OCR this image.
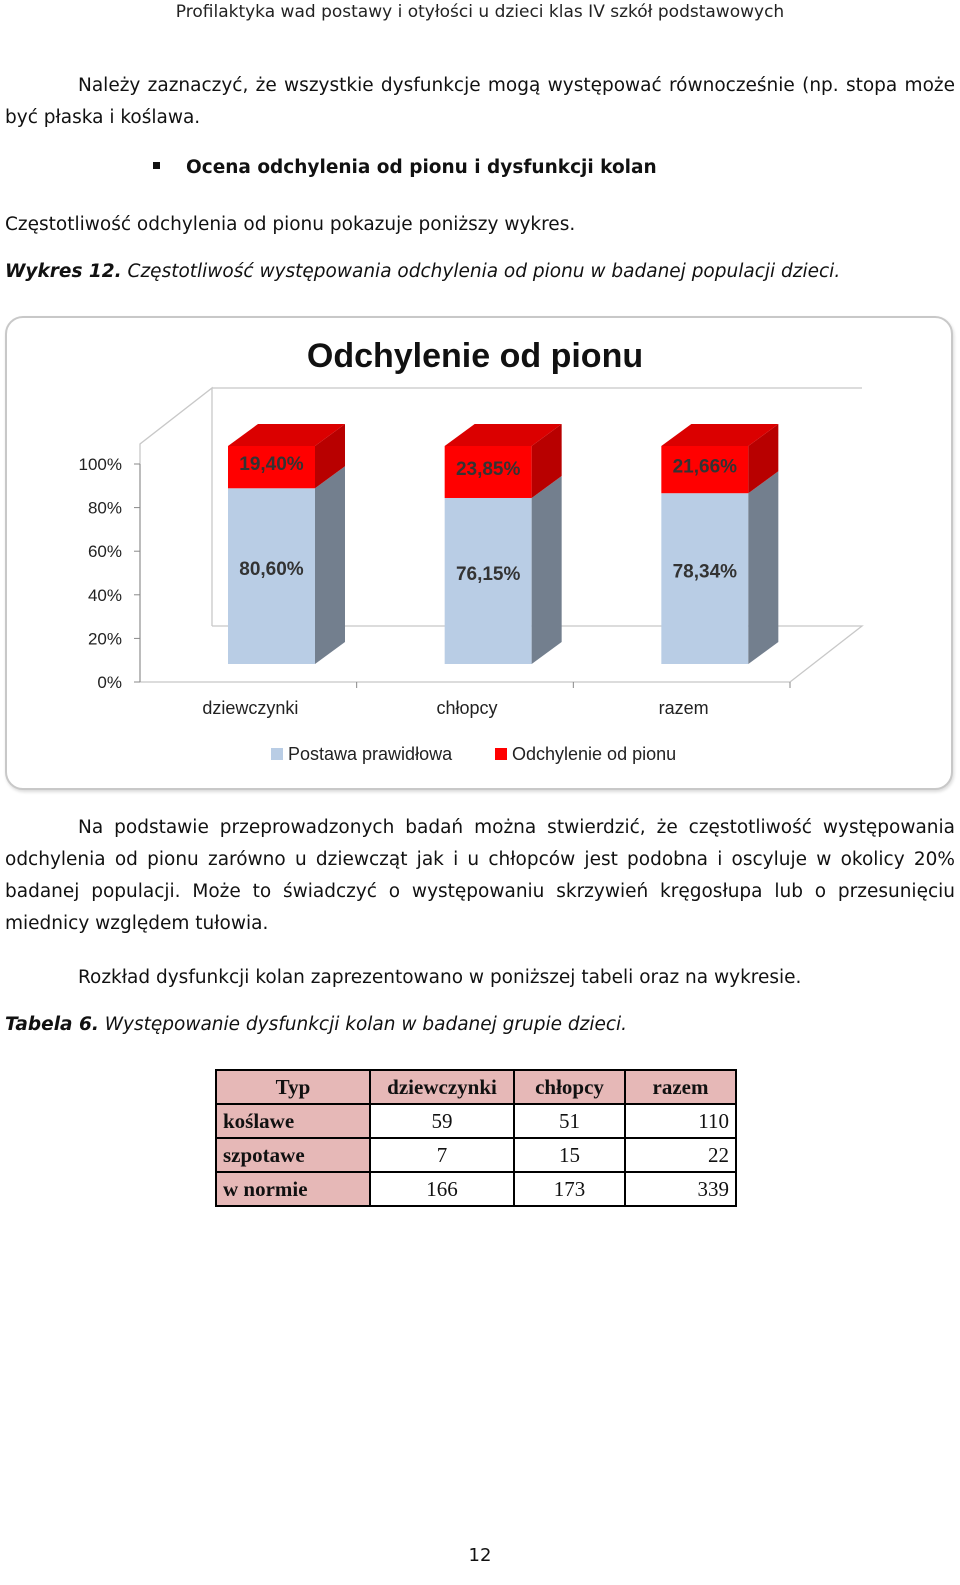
Profilaktyka wad postawy i otyłości u dzieci klas IV szkół podstawowych
Należy zaznaczyć, że wszystkie dysfunkcje mogą występować równocześnie (np. stopa może być płaska i koślawa.
Ocena odchylenia od pionu i dysfunkcji kolan
Częstotliwość odchylenia od pionu pokazuje poniższy wykres.
Wykres 12. Częstotliwość występowania odchylenia od pionu w badanej populacji dzieci.
Odchylenie od pionu
0%
20%
40%
60%
80%
100%
dziewczynki	chłopcy	razem
80,60%
19,40%
76,15%
23,85%
78,34%
21,66%
Postawa prawidłowa	Odchylenie od pionu
Na podstawie przeprowadzonych badań można stwierdzić, że częstotliwość występowania odchylenia od pionu zarówno u dziewcząt jak i u chłopców jest podobna i oscyluje w okolicy 20% badanej populacji. Może to świadczyć o występowaniu skrzywień kręgosłupa lub o przesunięciu miednicy względem tułowia.
Rozkład dysfunkcji kolan zaprezentowano w poniższej tabeli oraz na wykresie.
Tabela 6. Występowanie dysfunkcji kolan w badanej grupie dzieci.
Typ	dziewczynki	chłopcy	razem
koślawe	59	51	110
szpotawe	7	15	22
w normie	166	173	339
12
